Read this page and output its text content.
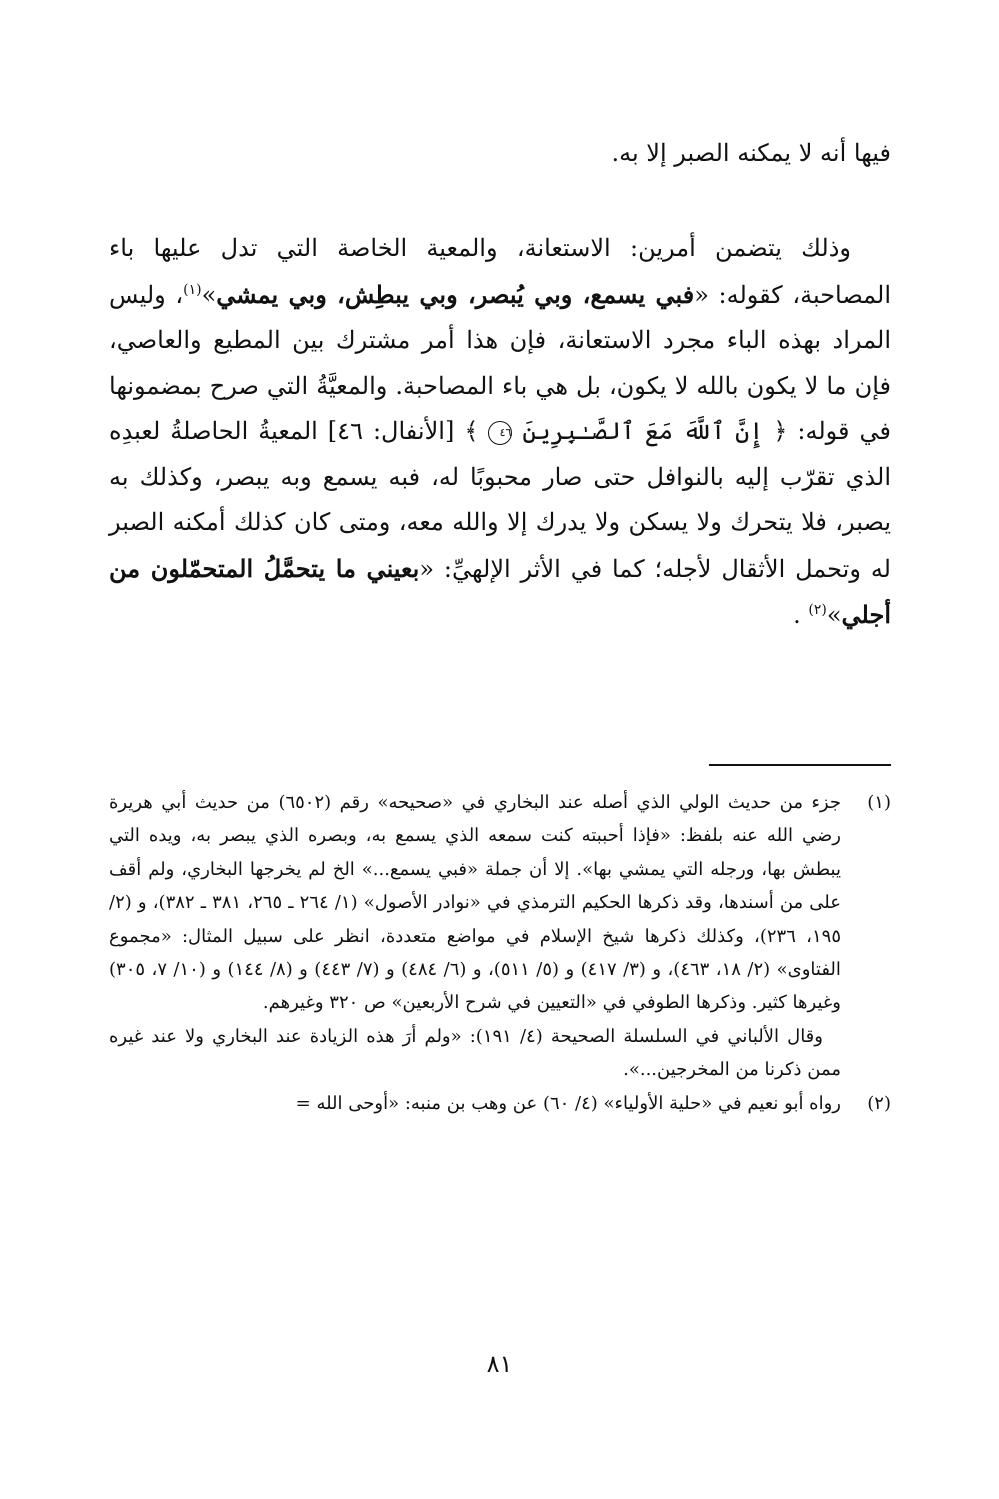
فيها أنه لا يمكنه الصبر إلا به.
وذلك يتضمن أمرين: الاستعانة، والمعية الخاصة التي تدل عليها باء المصاحبة، كقوله: «فبي يسمع، وبي يُبصر، وبي يبطِش، وبي يمشي»$^{(١)}$، وليس المراد بهذه الباء مجرد الاستعانة، فإن هذا أمر مشترك بين المطيع والعاصي، فإن ما لا يكون بالله لا يكون، بل هي باء المصاحبة. والمعيَّةُ التي صرح بمضمونها في قوله: ﴿ إِنَّ ٱللَّهَ مَعَ ٱلصَّـٰبِرِينَ ٤٦ ﴾ [الأنفال: ٤٦] المعيةُ الحاصلةُ لعبدِه الذي تقرّب إليه بالنوافل حتى صار محبوبًا له، فبه يسمع وبه يبصر، وكذلك به يصبر، فلا يتحرك ولا يسكن ولا يدرك إلا والله معه، ومتى كان كذلك أمكنه الصبر له وتحمل الأثقال لأجله؛ كما في الأثر الإلهيِّ: «بعيني ما يتحمَّلُ المتحمّلون من أجلي»$^{(٢)}$ .
(١)
جزء من حديث الولي الذي أصله عند البخاري في «صحيحه» رقم (٦٥٠٢) من حديث أبي هريرة رضي الله عنه بلفظ: «فإذا أحببته كنت سمعه الذي يسمع به، وبصره الذي يبصر به، ويده التي يبطش بها، ورجله التي يمشي بها». إلا أن جملة «فبي يسمع...» الخ لم يخرجها البخاري، ولم أقف على من أسندها، وقد ذكرها الحكيم الترمذي في «نوادر الأصول» (١/ ٢٦٤ ـ ٢٦٥، ٣٨١ ـ ٣٨٢)، و (٢/ ١٩٥، ٢٣٦)، وكذلك ذكرها شيخ الإسلام في مواضع متعددة، انظر على سبيل المثال: «مجموع الفتاوى» (٢/ ١٨، ٤٦٣)، و (٣/ ٤١٧) و (٥/ ٥١١)، و (٦/ ٤٨٤) و (٧/ ٤٤٣) و (٨/ ١٤٤) و (١٠/ ٧، ٣٠٥) وغيرها كثير. وذكرها الطوفي في «التعيين في شرح الأربعين» ص ٣٢٠ وغيرهم.
وقال الألباني في السلسلة الصحيحة (٤/ ١٩١): «ولم أرَ هذه الزيادة عند البخاري ولا عند غيره ممن ذكرنا من المخرجين...».
(٢)
رواه أبو نعيم في «حلية الأولياء» (٤/ ٦٠) عن وهب بن منبه: «أوحى الله =
٨١
